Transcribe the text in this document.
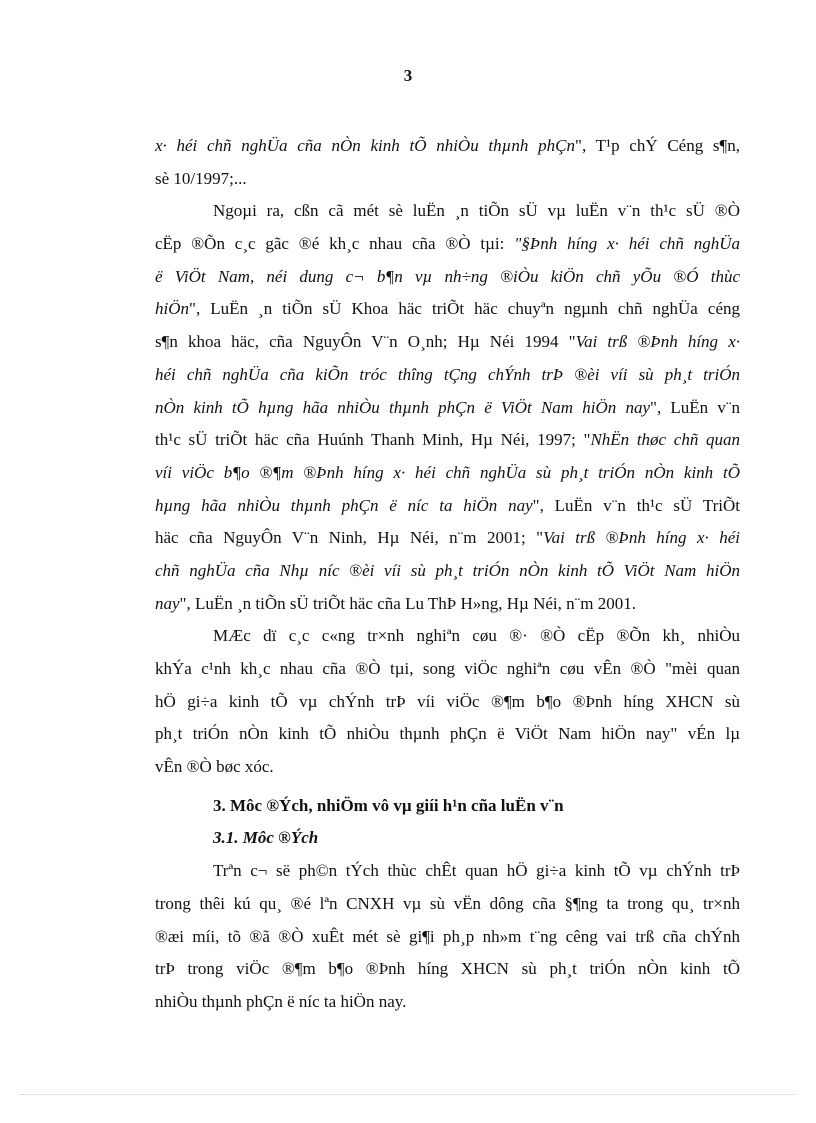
3
x· héi chñ nghÜa cña nÒn kinh tÕ nhiÒu thµnh phÇn", T¹p chÝ Céng s¶n,
sè 10/1997;...
Ngoµi ra, cßn cã mét sè luËn ¸n tiÕn sÜ vµ luËn v¨n th¹c sÜ ®Ò
cËp ®Õn c¸c gãc ®é kh¸c nhau cña ®Ò tµi: "§Þnh híng x· héi chñ nghÜa
ë ViÖt Nam, néi dung c¬ b¶n vµ nh÷ng ®iÒu kiÖn chñ yÕu ®Ó thùc
hiÖn", LuËn ¸n tiÕn sÜ Khoa häc triÕt häc chuyªn ngµnh chñ nghÜa céng
s¶n khoa häc, cña NguyÔn V¨n O¸nh; Hµ Néi 1994 "Vai trß ®Þnh híng x·
héi chñ nghÜa cña kiÕn tróc thîng tÇng chÝnh trÞ ®èi víi sù ph¸t triÓn
nÒn kinh tÕ hµng hãa nhiÒu thµnh phÇn ë ViÖt Nam hiÖn nay", LuËn v¨n
th¹c sÜ triÕt häc cña Huúnh Thanh Minh, Hµ Néi, 1997; "NhËn thøc chñ quan
víi viÖc b¶o ®¶m ®Þnh híng x· héi chñ nghÜa sù ph¸t triÓn nÒn kinh tÕ
hµng hãa nhiÒu thµnh phÇn ë níc ta hiÖn nay", LuËn v¨n th¹c sÜ TriÕt
häc cña NguyÔn V¨n Ninh, Hµ Néi, n¨m 2001; "Vai trß ®Þnh híng x· héi
chñ nghÜa cña Nhµ níc ®èi víi sù ph¸t triÓn nÒn kinh tÕ ViÖt Nam hiÖn
nay", LuËn ¸n tiÕn sÜ triÕt häc cña Lu ThÞ H»ng, Hµ Néi, n¨m 2001.
MÆc dï c¸c c«ng tr×nh nghiªn cøu ®· ®Ò cËp ®Õn kh¸ nhiÒu
khÝa c¹nh kh¸c nhau cña ®Ò tµi, song viÖc nghiªn cøu vÊn ®Ò "mèi quan
hÖ gi÷a kinh tÕ vµ chÝnh trÞ víi viÖc ®¶m b¶o ®Þnh híng XHCN sù
ph¸t triÓn nÒn kinh tÕ nhiÒu thµnh phÇn ë ViÖt Nam hiÖn nay" vÉn lµ
vÊn ®Ò bøc xóc.
3. Môc ®Ých, nhiÖm vô vµ giíi h¹n cña luËn v¨n
3.1. Môc ®Ých
Trªn c¬ së ph©n tÝch thùc chÊt quan hÖ gi÷a kinh tÕ vµ chÝnh trÞ
trong thêi kú qu¸ ®é lªn CNXH vµ sù vËn dông cña §¶ng ta trong qu¸ tr×nh
®æi míi, tõ ®ã ®Ò xuÊt mét sè gi¶i ph¸p nh»m t¨ng cêng vai trß cña chÝnh
trÞ trong viÖc ®¶m b¶o ®Þnh híng XHCN sù ph¸t triÓn nÒn kinh tÕ
nhiÒu thµnh phÇn ë níc ta hiÖn nay.
